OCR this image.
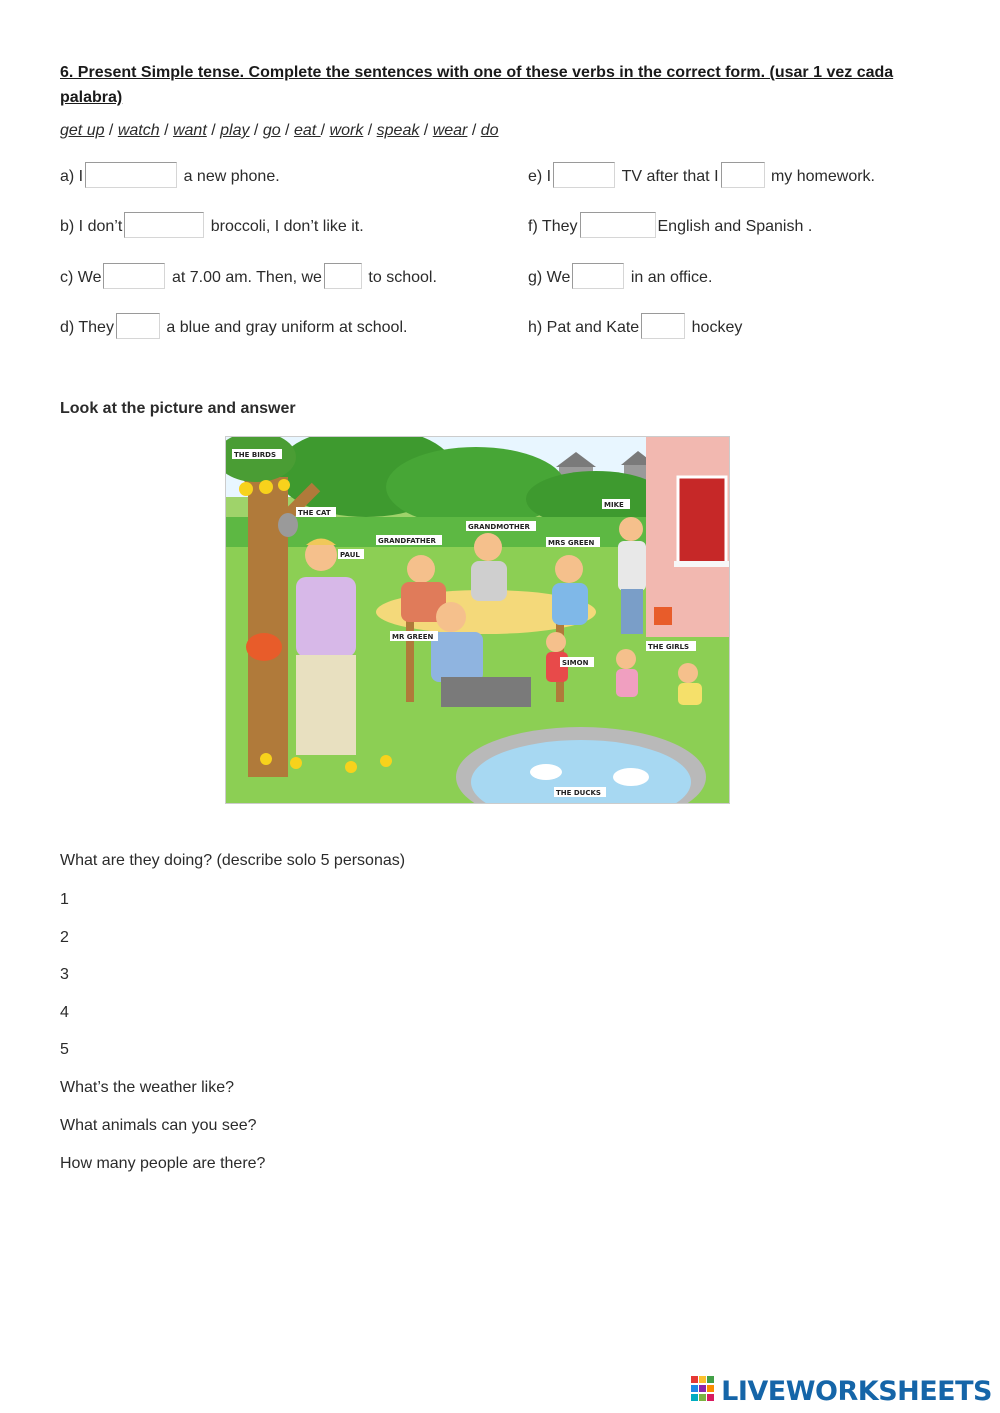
6. Present Simple tense. Complete the sentences with one of these verbs in the correct form. (usar 1 vez cada palabra)
get up / watch / want / play / go / eat / work / speak / wear / do
a) I	a new phone.
b) I don’t	broccoli, I don’t like it.
c) We	at 7.00 am. Then, we	to school.
d) They	a blue and gray uniform at school.
e) I	TV after that I	my homework.
f) They	English and Spanish .
g) We	in an office.
h) Pat and Kate	hockey
Look at the picture and answer
THE BIRDS
THE CAT
PAUL
GRANDFATHER
GRANDMOTHER
MRS GREEN
MIKE
MR GREEN
SIMON
THE GIRLS
THE DUCKS
What are they doing? (describe solo 5 personas)
1
2
3
4
5
What’s the weather like?
What animals can you see?
How many people are there?
LIVEWORKSHEETS
